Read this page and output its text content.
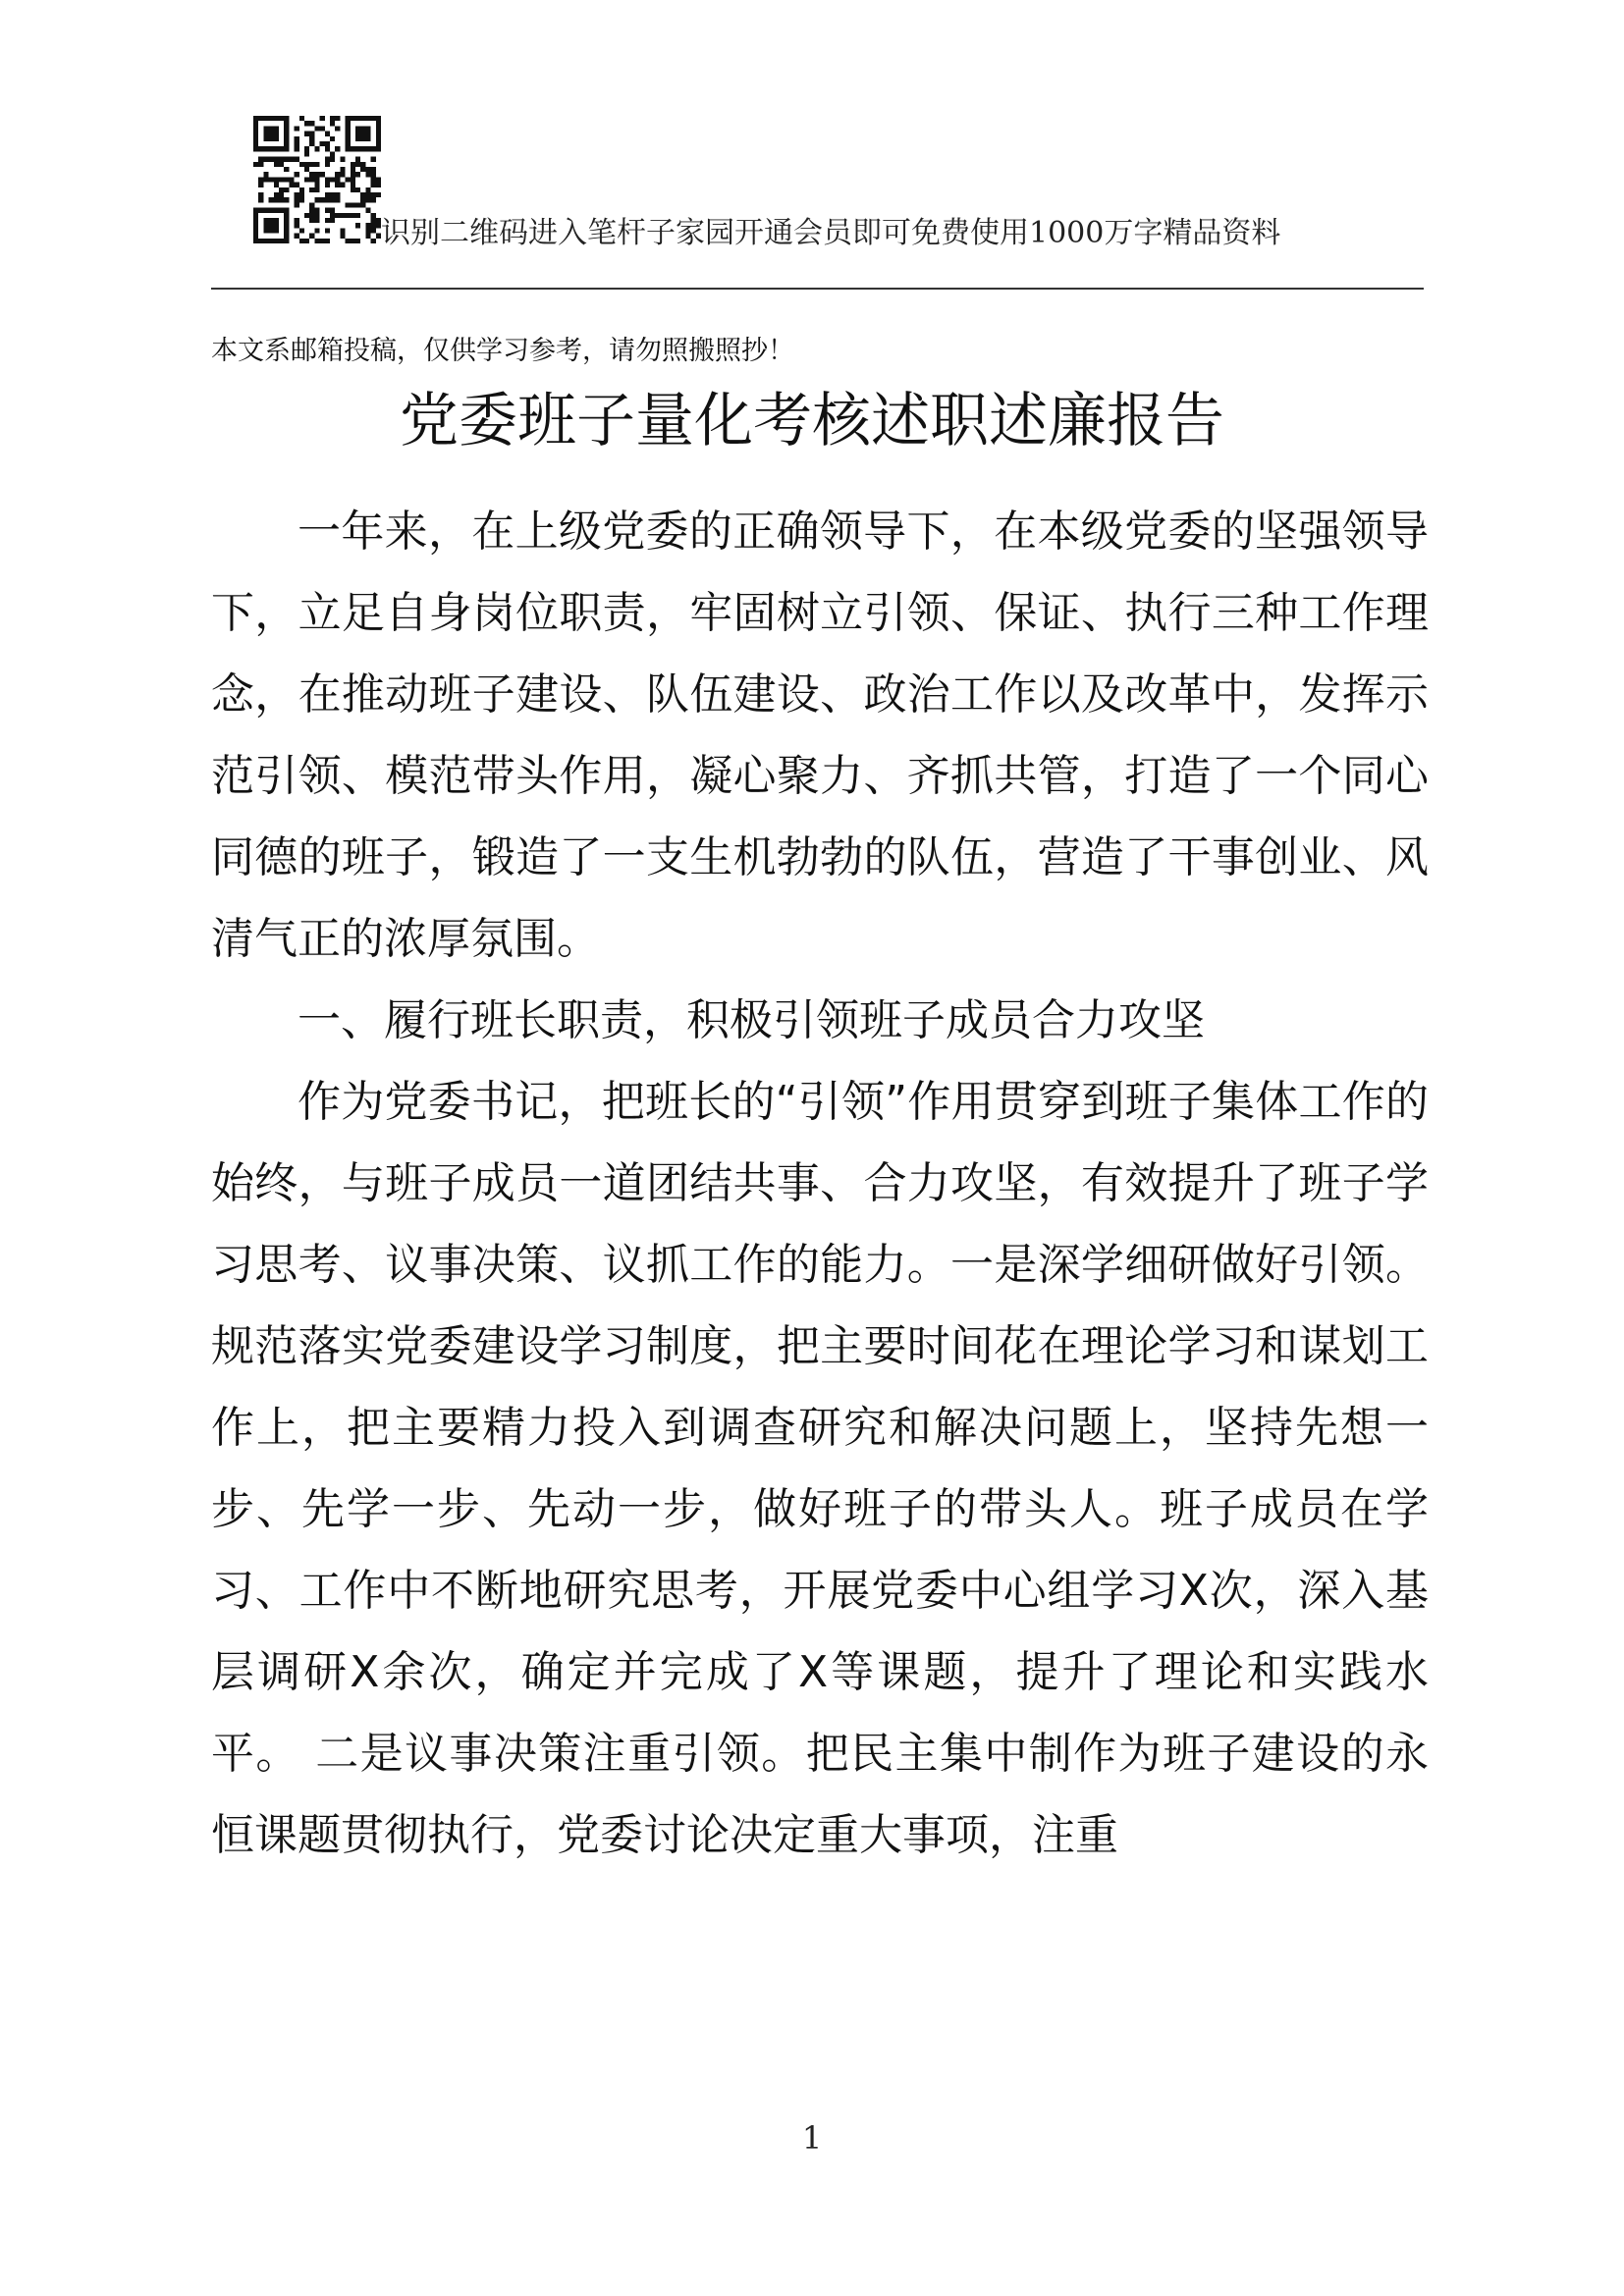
识别二维码进入笔杆子家园开通会员即可免费使用1000万字精品资料
本文系邮箱投稿，仅供学习参考，请勿照搬照抄！
党委班子量化考核述职述廉报告

一年来，在上级党委的正确领导下，在本级党委的坚强领导下，立足自身岗位职责，牢固树立引领、保证、执行三种工作理念，在推动班子建设、队伍建设、政治工作以及改革中，发挥示范引领、模范带头作用，凝心聚力、齐抓共管，打造了一个同心同德的班子，锻造了一支生机勃勃的队伍，营造了干事创业、风清气正的浓厚氛围。

一、履行班长职责，积极引领班子成员合力攻坚

作为党委书记，把班长的“引领”作用贯穿到班子集体工作的始终，与班子成员一道团结共事、合力攻坚，有效提升了班子学习思考、议事决策、议抓工作的能力。一是深学细研做好引领。规范落实党委建设学习制度，把主要时间花在理论学习和谋划工作上，把主要精力投入到调查研究和解决问题上，坚持先想一步、先学一步、先动一步，做好班子的带头人。班子成员在学习、工作中不断地研究思考，开展党委中心组学习X次，深入基层调研X余次，确定并完成了X等课题，提升了理论和实践水平。 二是议事决策注重引领。把民主集中制作为班子建设的永恒课题贯彻执行，党委讨论决定重大事项，注重

1
